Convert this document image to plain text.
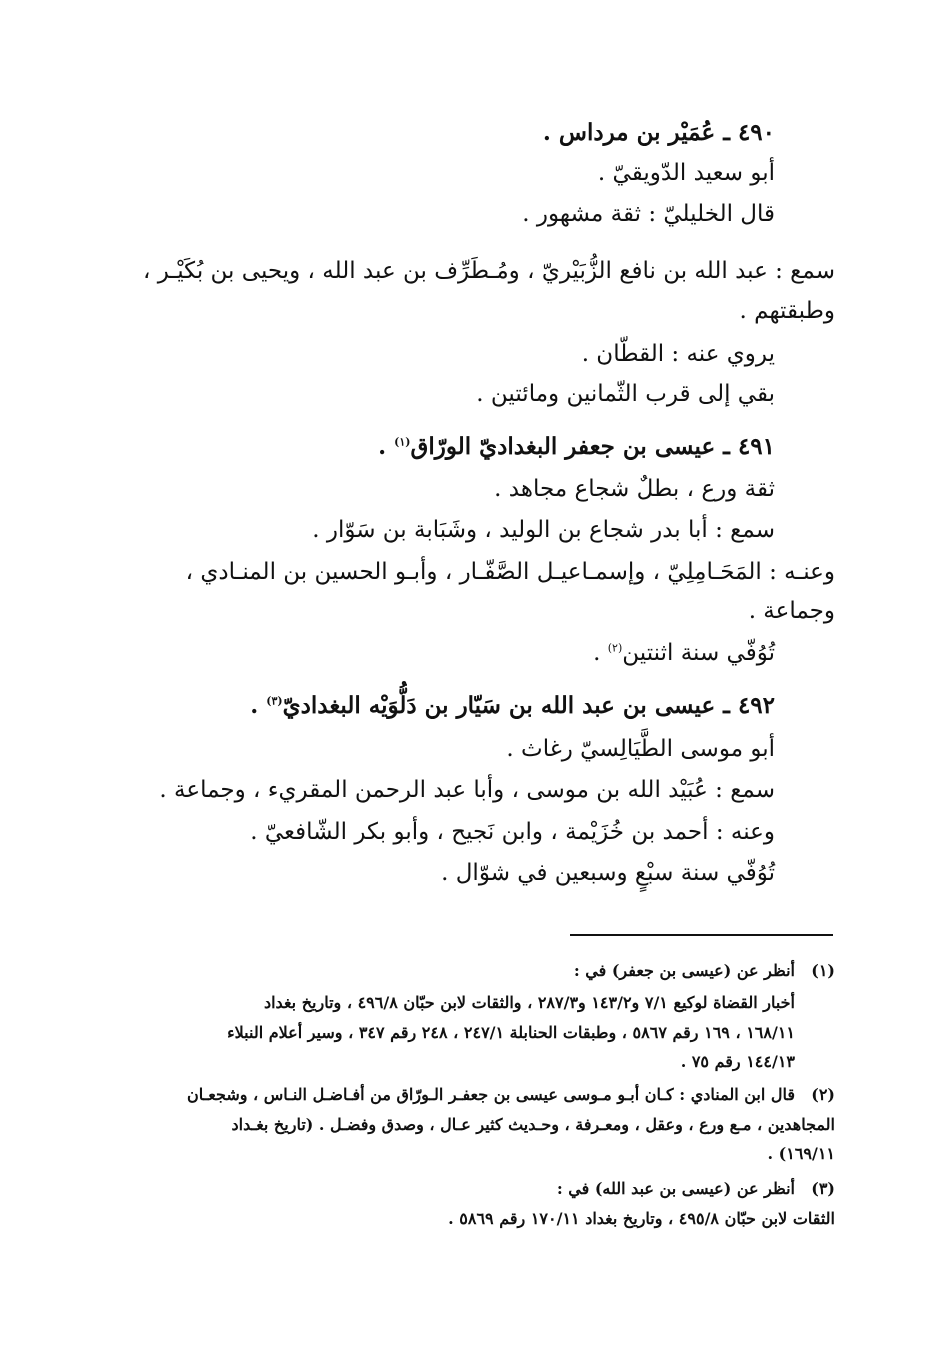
٤٩٠ ـ عُمَيْر بن مرداس .
أبو سعيد الدّويقيّ .
قال الخليليّ : ثقة مشهور .
سمع : عبد الله بن نافع الزُّبَيْريّ ، ومُـطَرِّف بن عبد الله ، ويحيى بن بُكَيْـر ،
وطبقتهم .
يروي عنه : القطّان .
بقي إلى قرب الثّمانين ومائتين .
٤٩١ ـ عيسى بن جعفر البغداديّ الورّاق$^{(١)}$ .
ثقة ورع ، بطلٌ شجاع مجاهد .
سمع : أبا بدر شجاع بن الوليد ، وشَبَابة بن سَوّار .
وعنـه : المَحَـامِلِيّ ، وإسمـاعيـل الصَّفّـار ، وأبـو الحسين بن المنـادي ،
وجماعة .
تُوُفّي سنة اثنتين$^{(٢)}$ .
٤٩٢ ـ عيسى بن عبد الله بن سَيّار بن دَلُّوَيْه البغداديّ$^{(٣)}$ .
أبو موسى الطَّيَالِسيّ رغاث .
سمع : عُبَيْد الله بن موسى ، وأبا عبد الرحمن المقريء ، وجماعة .
وعنه : أحمد بن خُزَيْمة ، وابن نَجيح ، وأبو بكر الشّافعيّ .
تُوُفّي سنة سبْعٍ وسبعين في شوّال .
(١)
أنظر عن (عيسى بن جعفر) في :
أخبار القضاة لوكيع ٧/١ و١٤٣/٢ و٢٨٧/٣ ، والثقات لابن حبّان ٤٩٦/٨ ، وتاريخ بغداد
١٦٨/١١ ، ١٦٩ رقم ٥٨٦٧ ، وطبقات الحنابلة ٢٤٧/١ ، ٢٤٨ رقم ٣٤٧ ، وسير أعلام النبلاء
١٤٤/١٣ رقم ٧٥ .
(٢)
قال ابن المنادي : كـان أبـو مـوسى عيسى بن جعفـر الـورّاق من أفـاضـل النـاس ، وشجعـان
المجاهدين ، مـع ورع ، وعقل ، ومعـرفة ، وحـديث كثير عـال ، وصدق وفضـل . (تاريخ بغـداد
١٦٩/١١) .
(٣)
أنظر عن (عيسى بن عبد الله) في :
الثقات لابن حبّان ٤٩٥/٨ ، وتاريخ بغداد ١٧٠/١١ رقم ٥٨٦٩ .
